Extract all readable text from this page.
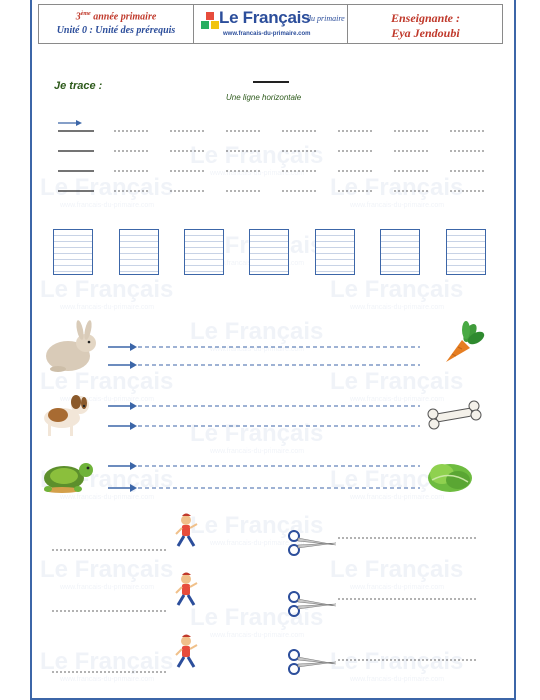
Le Français
www.francais-du-primaire.com
Le Français
www.francais-du-primaire.com
Le Français
www.francais-du-primaire.com
Le Français
www.francais-du-primaire.com
Le Français
www.francais-du-primaire.com
Le Français
www.francais-du-primaire.com
Le Français
www.francais-du-primaire.com
Le Français
www.francais-du-primaire.com
Le Français
www.francais-du-primaire.com
Le Français
www.francais-du-primaire.com
Le Français
www.francais-du-primaire.com
Le Français
www.francais-du-primaire.com
Le Français
www.francais-du-primaire.com
Le Français
www.francais-du-primaire.com
Le Français
www.francais-du-primaire.com
Le Français
www.francais-du-primaire.com
Le Français
www.francais-du-primaire.com
3ème année primaire
Unité 0 : Unité des prérequis
Le Français
du primaire
www.francais-du-primaire.com
Enseignante :
Eya Jendoubi
Je trace :
Une ligne horizontale
